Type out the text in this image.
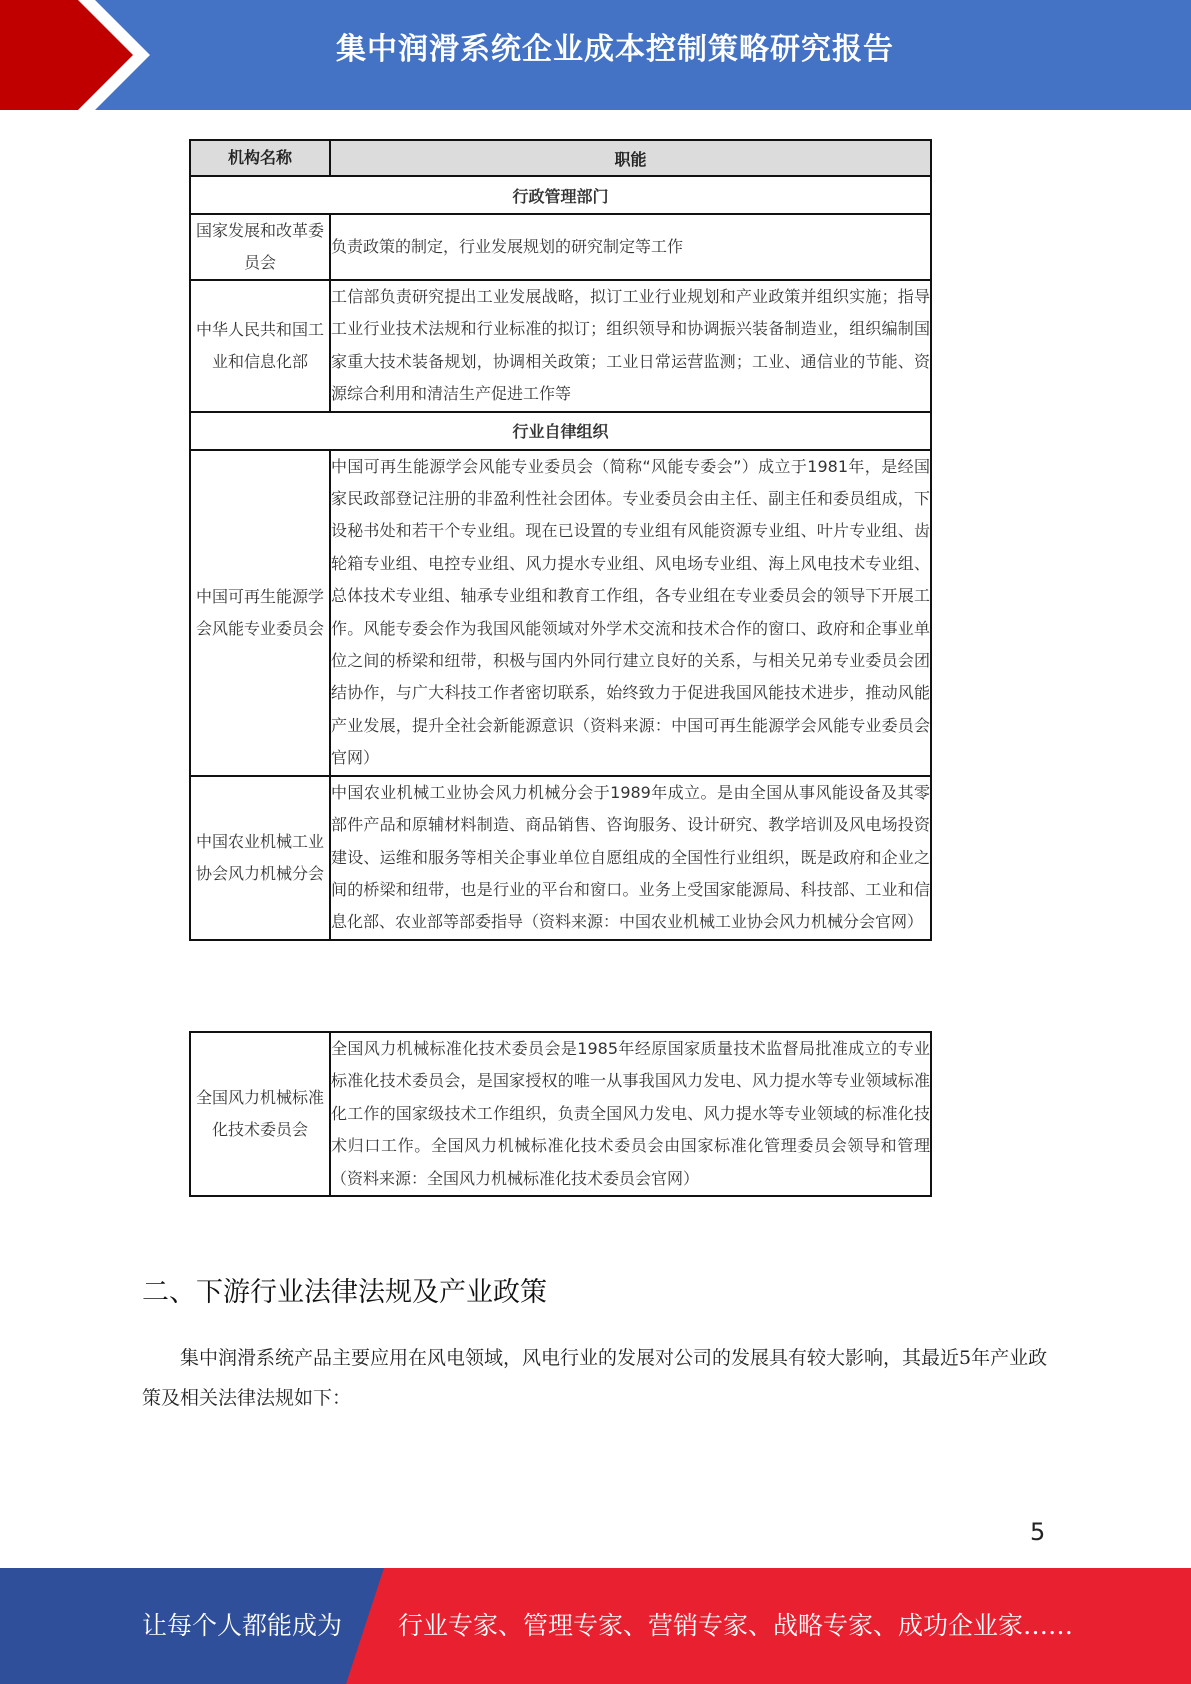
集中润滑系统企业成本控制策略研究报告
机构名称	职能
行政管理部门	
国家发展和改革委员会	负责政策的制定，行业发展规划的研究制定等工作
中华人民共和国工业和信息化部	工信部负责研究提出工业发展战略，拟订工业行业规划和产业政策并组织实施；指导工业行业技术法规和行业标准的拟订；组织领导和协调振兴装备制造业，组织编制国家重大技术装备规划，协调相关政策；工业日常运营监测；工业、通信业的节能、资源综合利用和清洁生产促进工作等
行业自律组织	
中国可再生能源学会风能专业委员会	中国可再生能源学会风能专业委员会（简称“风能专委会”）成立于1981年，是经国家民政部登记注册的非盈利性社会团体。专业委员会由主任、副主任和委员组成，下设秘书处和若干个专业组。现在已设置的专业组有风能资源专业组、叶片专业组、齿轮箱专业组、电控专业组、风力提水专业组、风电场专业组、海上风电技术专业组、总体技术专业组、轴承专业组和教育工作组，各专业组在专业委员会的领导下开展工作。风能专委会作为我国风能领域对外学术交流和技术合作的窗口、政府和企事业单位之间的桥梁和纽带，积极与国内外同行建立良好的关系，与相关兄弟专业委员会团结协作，与广大科技工作者密切联系，始终致力于促进我国风能技术进步，推动风能产业发展，提升全社会新能源意识（资料来源：中国可再生能源学会风能专业委员会官网）
中国农业机械工业协会风力机械分会	中国农业机械工业协会风力机械分会于1989年成立。是由全国从事风能设备及其零部件产品和原辅材料制造、商品销售、咨询服务、设计研究、教学培训及风电场投资建设、运维和服务等相关企事业单位自愿组成的全国性行业组织，既是政府和企业之间的桥梁和纽带，也是行业的平台和窗口。业务上受国家能源局、科技部、工业和信息化部、农业部等部委指导（资料来源：中国农业机械工业协会风力机械分会官网）
全国风力机械标准化技术委员会	全国风力机械标准化技术委员会是1985年经原国家质量技术监督局批准成立的专业标准化技术委员会，是国家授权的唯一从事我国风力发电、风力提水等专业领域标准化工作的国家级技术工作组织，负责全国风力发电、风力提水等专业领域的标准化技术归口工作。全国风力机械标准化技术委员会由国家标准化管理委员会领导和管理（资料来源：全国风力机械标准化技术委员会官网）
二、下游行业法律法规及产业政策
集中润滑系统产品主要应用在风电领域，风电行业的发展对公司的发展具有较大影响，其最近5年产业政策及相关法律法规如下：
5
让每个人都能成为 行业专家、管理专家、营销专家、战略专家、成功企业家……
